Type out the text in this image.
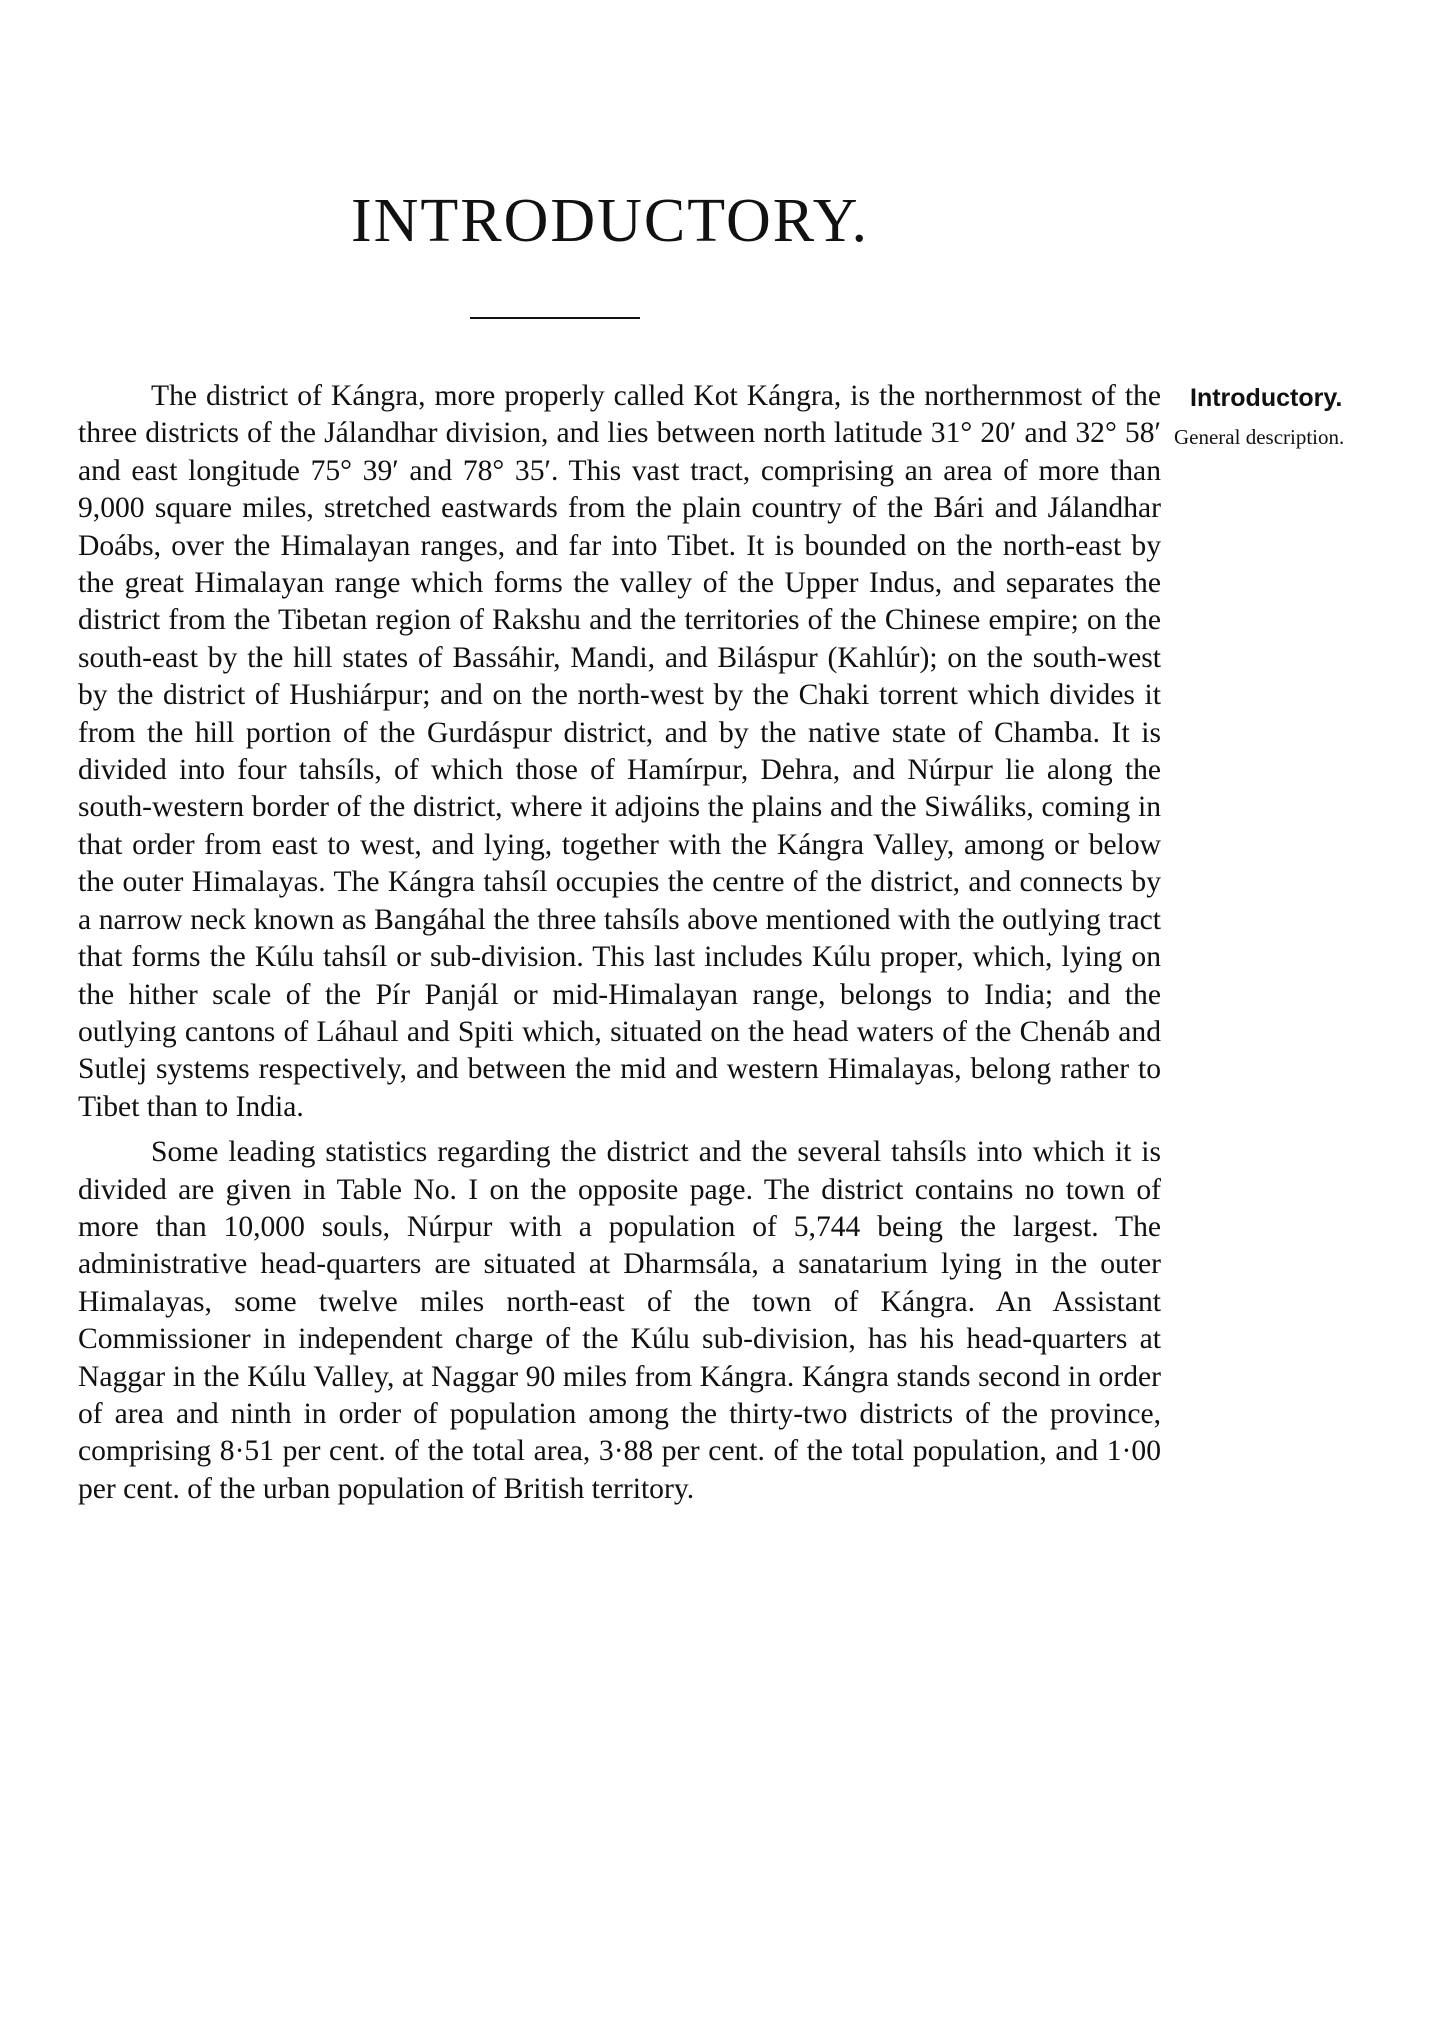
INTRODUCTORY.

The district of Kángra, more properly called Kot Kángra, is the northernmost of the three districts of the Jálandhar division, and lies between north latitude 31° 20′ and 32° 58′ and east longitude 75° 39′ and 78° 35′. This vast tract, comprising an area of more than 9,000 square miles, stretched eastwards from the plain country of the Bári and Jálandhar Doábs, over the Himalayan ranges, and far into Tibet. It is bounded on the north-east by the great Himalayan range which forms the valley of the Upper Indus, and separates the district from the Tibetan region of Rakshu and the territories of the Chinese empire; on the south-east by the hill states of Bassáhir, Mandi, and Biláspur (Kahlúr); on the south-west by the district of Hushiárpur; and on the north-west by the Chaki torrent which divides it from the hill portion of the Gurdáspur district, and by the native state of Chamba. It is divided into four tahsíls, of which those of Hamírpur, Dehra, and Núrpur lie along the south-western border of the district, where it adjoins the plains and the Siwáliks, coming in that order from east to west, and lying, together with the Kángra Valley, among or below the outer Himalayas. The Kángra tahsíl occupies the centre of the district, and connects by a narrow neck known as Bangáhal the three tahsíls above mentioned with the outlying tract that forms the Kúlu tahsíl or sub-division. This last includes Kúlu proper, which, lying on the hither scale of the Pír Panjál or mid-Himalayan range, belongs to India; and the outlying cantons of Láhaul and Spiti which, situated on the head waters of the Chenáb and Sutlej systems respectively, and between the mid and western Himalayas, belong rather to Tibet than to India.

Some leading statistics regarding the district and the several tahsíls into which it is divided are given in Table No. I on the opposite page. The district contains no town of more than 10,000 souls, Núrpur with a population of 5,744 being the largest. The administrative head-quarters are situated at Dharmsála, a sanatarium lying in the outer Himalayas, some twelve miles north-east of the town of Kángra. An Assistant Commissioner in independent charge of the Kúlu sub-division, has his head-quarters at Naggar in the Kúlu Valley, at Naggar 90 miles from Kángra. Kángra stands second in order of area and ninth in order of population among the thirty-two districts of the province, comprising 8·51 per cent. of the total area, 3·88 per cent. of the total population, and 1·00 per cent. of the urban population of British territory.

Introductory.
General description.
